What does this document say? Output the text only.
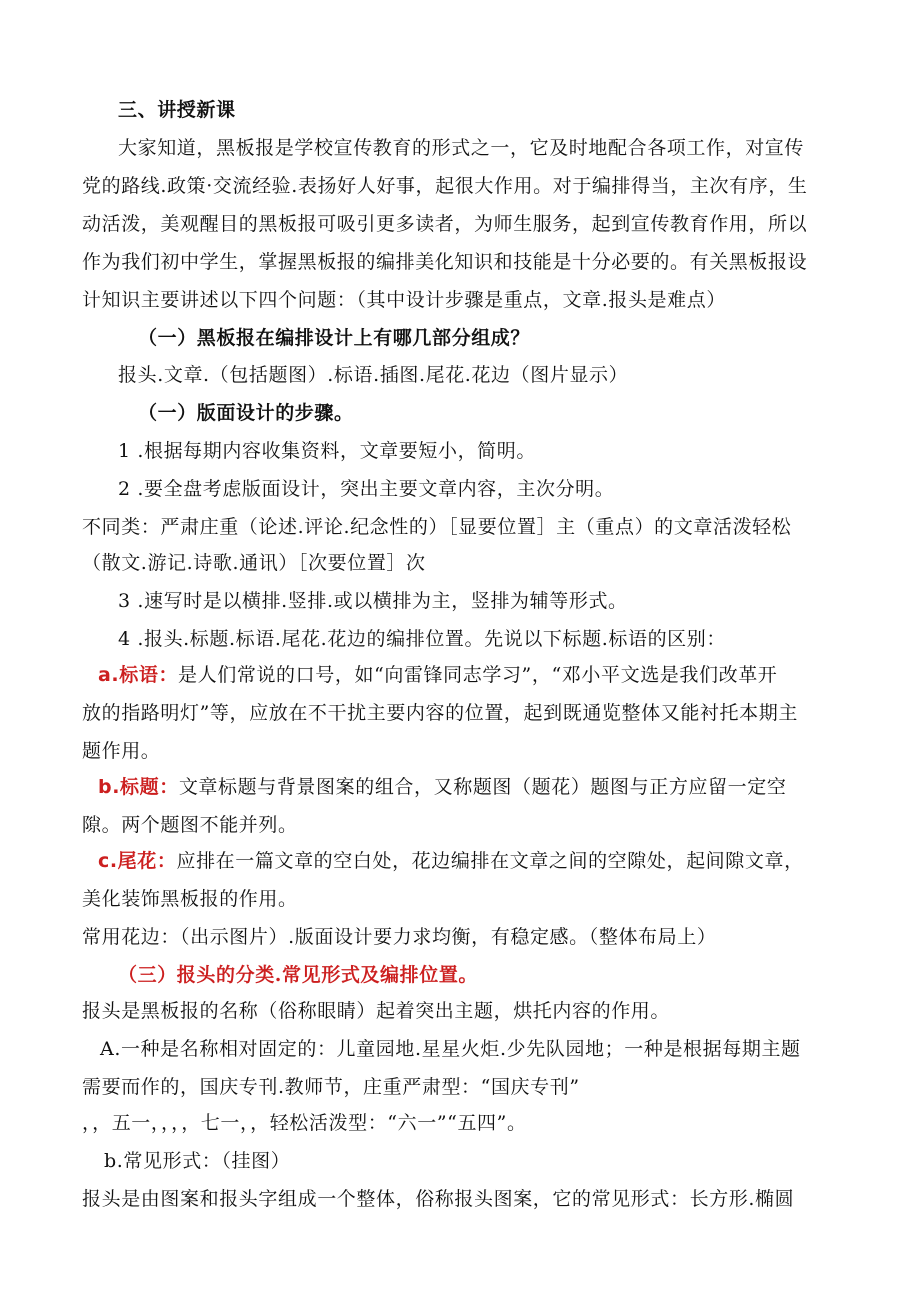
三、讲授新课
大家知道，黑板报是学校宣传教育的形式之一，它及时地配合各项工作，对宣传
党的路线.政策·交流经验.表扬好人好事，起很大作用。对于编排得当，主次有序，生
动活泼，美观醒目的黑板报可吸引更多读者，为师生服务，起到宣传教育作用，所以
作为我们初中学生，掌握黑板报的编排美化知识和技能是十分必要的。有关黑板报设
计知识主要讲述以下四个问题：（其中设计步骤是重点，文章.报头是难点）
（一）黑板报在编排设计上有哪几部分组成？
报头.文章.（包括题图）.标语.插图.尾花.花边（图片显示）
（一）版面设计的步骤。
1 .根据每期内容收集资料，文章要短小，简明。
2 .要全盘考虑版面设计，突出主要文章内容，主次分明。
不同类：严肃庄重（论述.评论.纪念性的）［显要位置］主（重点）的文章活泼轻松
（散文.游记.诗歌.通讯）［次要位置］次
3 .速写时是以横排.竖排.或以横排为主，竖排为辅等形式。
4 .报头.标题.标语.尾花.花边的编排位置。先说以下标题.标语的区别：
a.标语：是人们常说的口号，如“向雷锋同志学习”，“邓小平文选是我们改革开
放的指路明灯”等，应放在不干扰主要内容的位置，起到既通览整体又能衬托本期主
题作用。
b.标题：文章标题与背景图案的组合，又称题图（题花）题图与正方应留一定空
隙。两个题图不能并列。
c.尾花：应排在一篇文章的空白处，花边编排在文章之间的空隙处，起间隙文章，
美化装饰黑板报的作用。
常用花边：（出示图片）.版面设计要力求均衡，有稳定感。（整体布局上）
（三）报头的分类.常见形式及编排位置。
报头是黑板报的名称（俗称眼睛）起着突出主题，烘托内容的作用。
A.一种是名称相对固定的：儿童园地.星星火炬.少先队园地；一种是根据每期主题
需要而作的，国庆专刊.教师节，庄重严肃型：“国庆专刊”
，，五一，，，，七一，，轻松活泼型：“六一”“五四”。
b.常见形式：（挂图）
报头是由图案和报头字组成一个整体，俗称报头图案，它的常见形式：长方形.椭圆
